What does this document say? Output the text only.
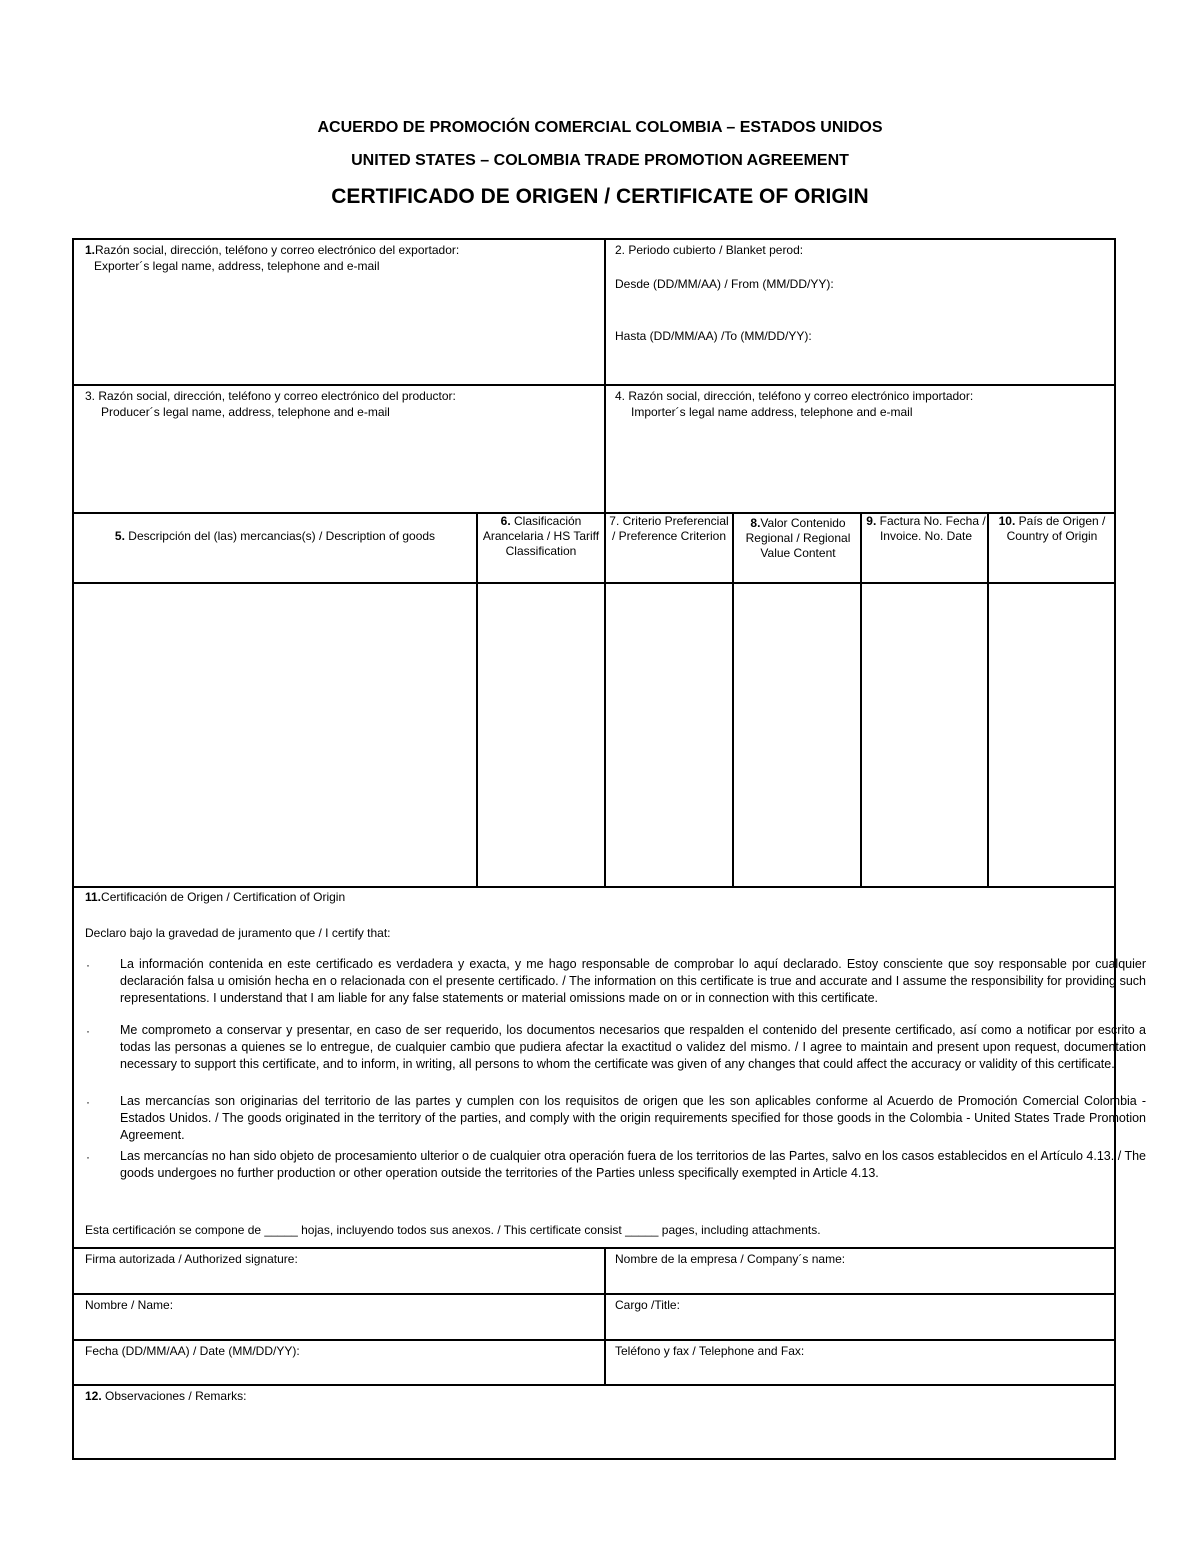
ACUERDO DE PROMOCIÓN COMERCIAL COLOMBIA – ESTADOS UNIDOS
UNITED STATES – COLOMBIA TRADE PROMOTION AGREEMENT
CERTIFICADO DE ORIGEN / CERTIFICATE OF ORIGIN
1.Razón social, dirección, teléfono y correo electrónico del exportador:
Exporter´s legal name, address, telephone and e-mail
2. Periodo cubierto / Blanket perod:
Desde (DD/MM/AA) / From (MM/DD/YY):
Hasta (DD/MM/AA) /To (MM/DD/YY):
3. Razón social, dirección, teléfono y correo electrónico del productor:
Producer´s legal name, address, telephone and e-mail
4. Razón social, dirección, teléfono y correo electrónico importador:
Importer´s legal name address, telephone and e-mail
5. Descripción del (las) mercancias(s) / Description of goods
6. Clasificación Arancelaria / HS Tariff Classification
7. Criterio Preferencial / Preference Criterion
8.Valor Contenido Regional / Regional Value Content
9. Factura No. Fecha / Invoice. No. Date
10. País de Origen / Country of Origin
11.Certificación de Origen / Certification of Origin
Declaro bajo la gravedad de juramento que / I certify that:
· La información contenida en este certificado es verdadera y exacta, y me hago responsable de comprobar lo aquí declarado. Estoy consciente que soy responsable por cualquier declaración falsa u omisión hecha en o relacionada con el presente certificado. / The information on this certificate is true and accurate and I assume the responsibility for providing such representations. I understand that I am liable for any false statements or material omissions made on or in connection with this certificate.
· Me comprometo a conservar y presentar, en caso de ser requerido, los documentos necesarios que respalden el contenido del presente certificado, así como a notificar por escrito a todas las personas a quienes se lo entregue, de cualquier cambio que pudiera afectar la exactitud o validez del mismo. / I agree to maintain and present upon request, documentation necessary to support this certificate, and to inform, in writing, all persons to whom the certificate was given of any changes that could affect the accuracy or validity of this certificate.
· Las mercancías son originarias del territorio de las partes y cumplen con los requisitos de origen que les son aplicables conforme al Acuerdo de Promoción Comercial Colombia - Estados Unidos. / The goods originated in the territory of the parties, and comply with the origin requirements specified for those goods in the Colombia - United States Trade Promotion Agreement.
· Las mercancías no han sido objeto de procesamiento ulterior o de cualquier otra operación fuera de los territorios de las Partes, salvo en los casos establecidos en el Artículo 4.13. / The goods undergoes no further production or other operation outside the territories of the Parties unless specifically exempted in Article 4.13.
Esta certificación se compone de _____ hojas, incluyendo todos sus anexos. / This certificate consist _____ pages, including attachments.
Firma autorizada / Authorized signature:	Nombre de la empresa / Company´s name:
Nombre / Name:	Cargo /Title:
Fecha (DD/MM/AA) / Date (MM/DD/YY):	Teléfono y fax / Telephone and Fax:
12. Observaciones / Remarks:
